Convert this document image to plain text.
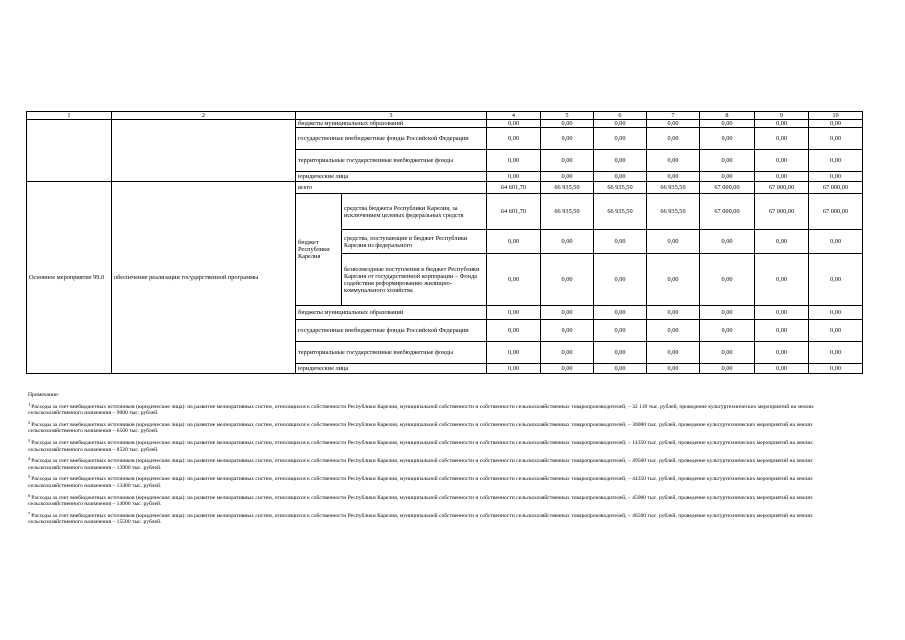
1	2	3		4	5	6	7	8	9	10
		бюджеты муниципальных образований		0,00	0,00	0,00	0,00	0,00	0,00	0,00
		государственные внебюджетные фонды Российской Федерации		0,00	0,00	0,00	0,00	0,00	0,00	0,00
		территориальные государственные внебюджетные фонды		0,00	0,00	0,00	0,00	0,00	0,00	0,00
		юридические лица		0,00	0,00	0,00	0,00	0,00	0,00	0,00
Основное мероприятие 99.0	обеспечение реализации государственной программы	всего		64 601,70	66 935,50	66 935,50	66 935,50	67 000,00	67 000,00	67 000,00
		бюджет Республики Карелия	средства бюджета Республики Карелия, за исключением целевых федеральных средств	64 601,70	66 935,50	66 935,50	66 935,50	67 000,00	67 000,00	67 000,00
			средства, поступающие в бюджет Республики Карелия из федерального	0,00	0,00	0,00	0,00	0,00	0,00	0,00
			безвозмездные поступления в бюджет Республики Карелия от государственной корпорации – Фонда содействия реформированию жилищно-коммунального хозяйства	0,00	0,00	0,00	0,00	0,00	0,00	0,00
		бюджеты муниципальных образований		0,00	0,00	0,00	0,00	0,00	0,00	0,00
		государственные внебюджетные фонды Российской Федерации		0,00	0,00	0,00	0,00	0,00	0,00	0,00
		территориальные государственные внебюджетные фонды		0,00	0,00	0,00	0,00	0,00	0,00	0,00
		юридические лица		0,00	0,00	0,00	0,00	0,00	0,00	0,00

Примечание:

$^1$Расходы за счет внебюджетных источников (юридические лица): на развитие мелиоративных систем, относящихся к собственности Республики Карелия, муниципальной собственности и собственности сельскохозяйственных товаропроизводителей, – 32 110 тыс. рублей, проведение культуртехнических мероприятий на землях сельскохозяйственного назначения – 9000 тыс. рублей.

$^2$Расходы за счет внебюджетных источников (юридические лица): на развитие мелиоративных систем, относящихся к собственности Республики Карелия, муниципальной собственности и собственности сельскохозяйственных товаропроизводителей, – 30000 тыс. рублей, проведение культуртехнических мероприятий на землях сельскохозяйственного назначения – 6500 тыс. рублей.

$^3$Расходы за счет внебюджетных источников (юридические лица): на развитие мелиоративных систем, относящихся к собственности Республики Карелия, муниципальной собственности и собственности сельскохозяйственных товаропроизводителей, – 14350 тыс. рублей, проведение культуртехнических мероприятий на землях сельскохозяйственного назначения – 8520 тыс. рублей.

$^4$Расходы за счет внебюджетных источников (юридические лица): на развитие мелиоративных систем, относящихся к собственности Республики Карелия, муниципальной собственности и собственности сельскохозяйственных товаропроизводителей, – 49500 тыс. рублей, проведение культуртехнических мероприятий на землях сельскохозяйственного назначения – 13900 тыс. рублей.

$^5$Расходы за счет внебюджетных источников (юридические лица): на развитие мелиоративных систем, относящихся к собственности Республики Карелия, муниципальной собственности и собственности сельскохозяйственных товаропроизводителей, – 44350 тыс. рублей, проведение культуртехнических мероприятий на землях сельскохозяйственного назначения – 13400 тыс. рублей.

$^6$Расходы за счет внебюджетных источников (юридические лица): на развитие мелиоративных систем, относящихся к собственности Республики Карелия, муниципальной собственности и собственности сельскохозяйственных товаропроизводителей, – 45000 тыс. рублей, проведение культуртехнических мероприятий на землях сельскохозяйственного назначения – 14000 тыс. рублей.

$^7$Расходы за счет внебюджетных источников (юридические лица): на развитие мелиоративных систем, относящихся к собственности Республики Карелия, муниципальной собственности и собственности сельскохозяйственных товаропроизводителей, – 46500 тыс. рублей, проведение культуртехнических мероприятий на землях сельскохозяйственного назначения – 15500 тыс. рублей.
